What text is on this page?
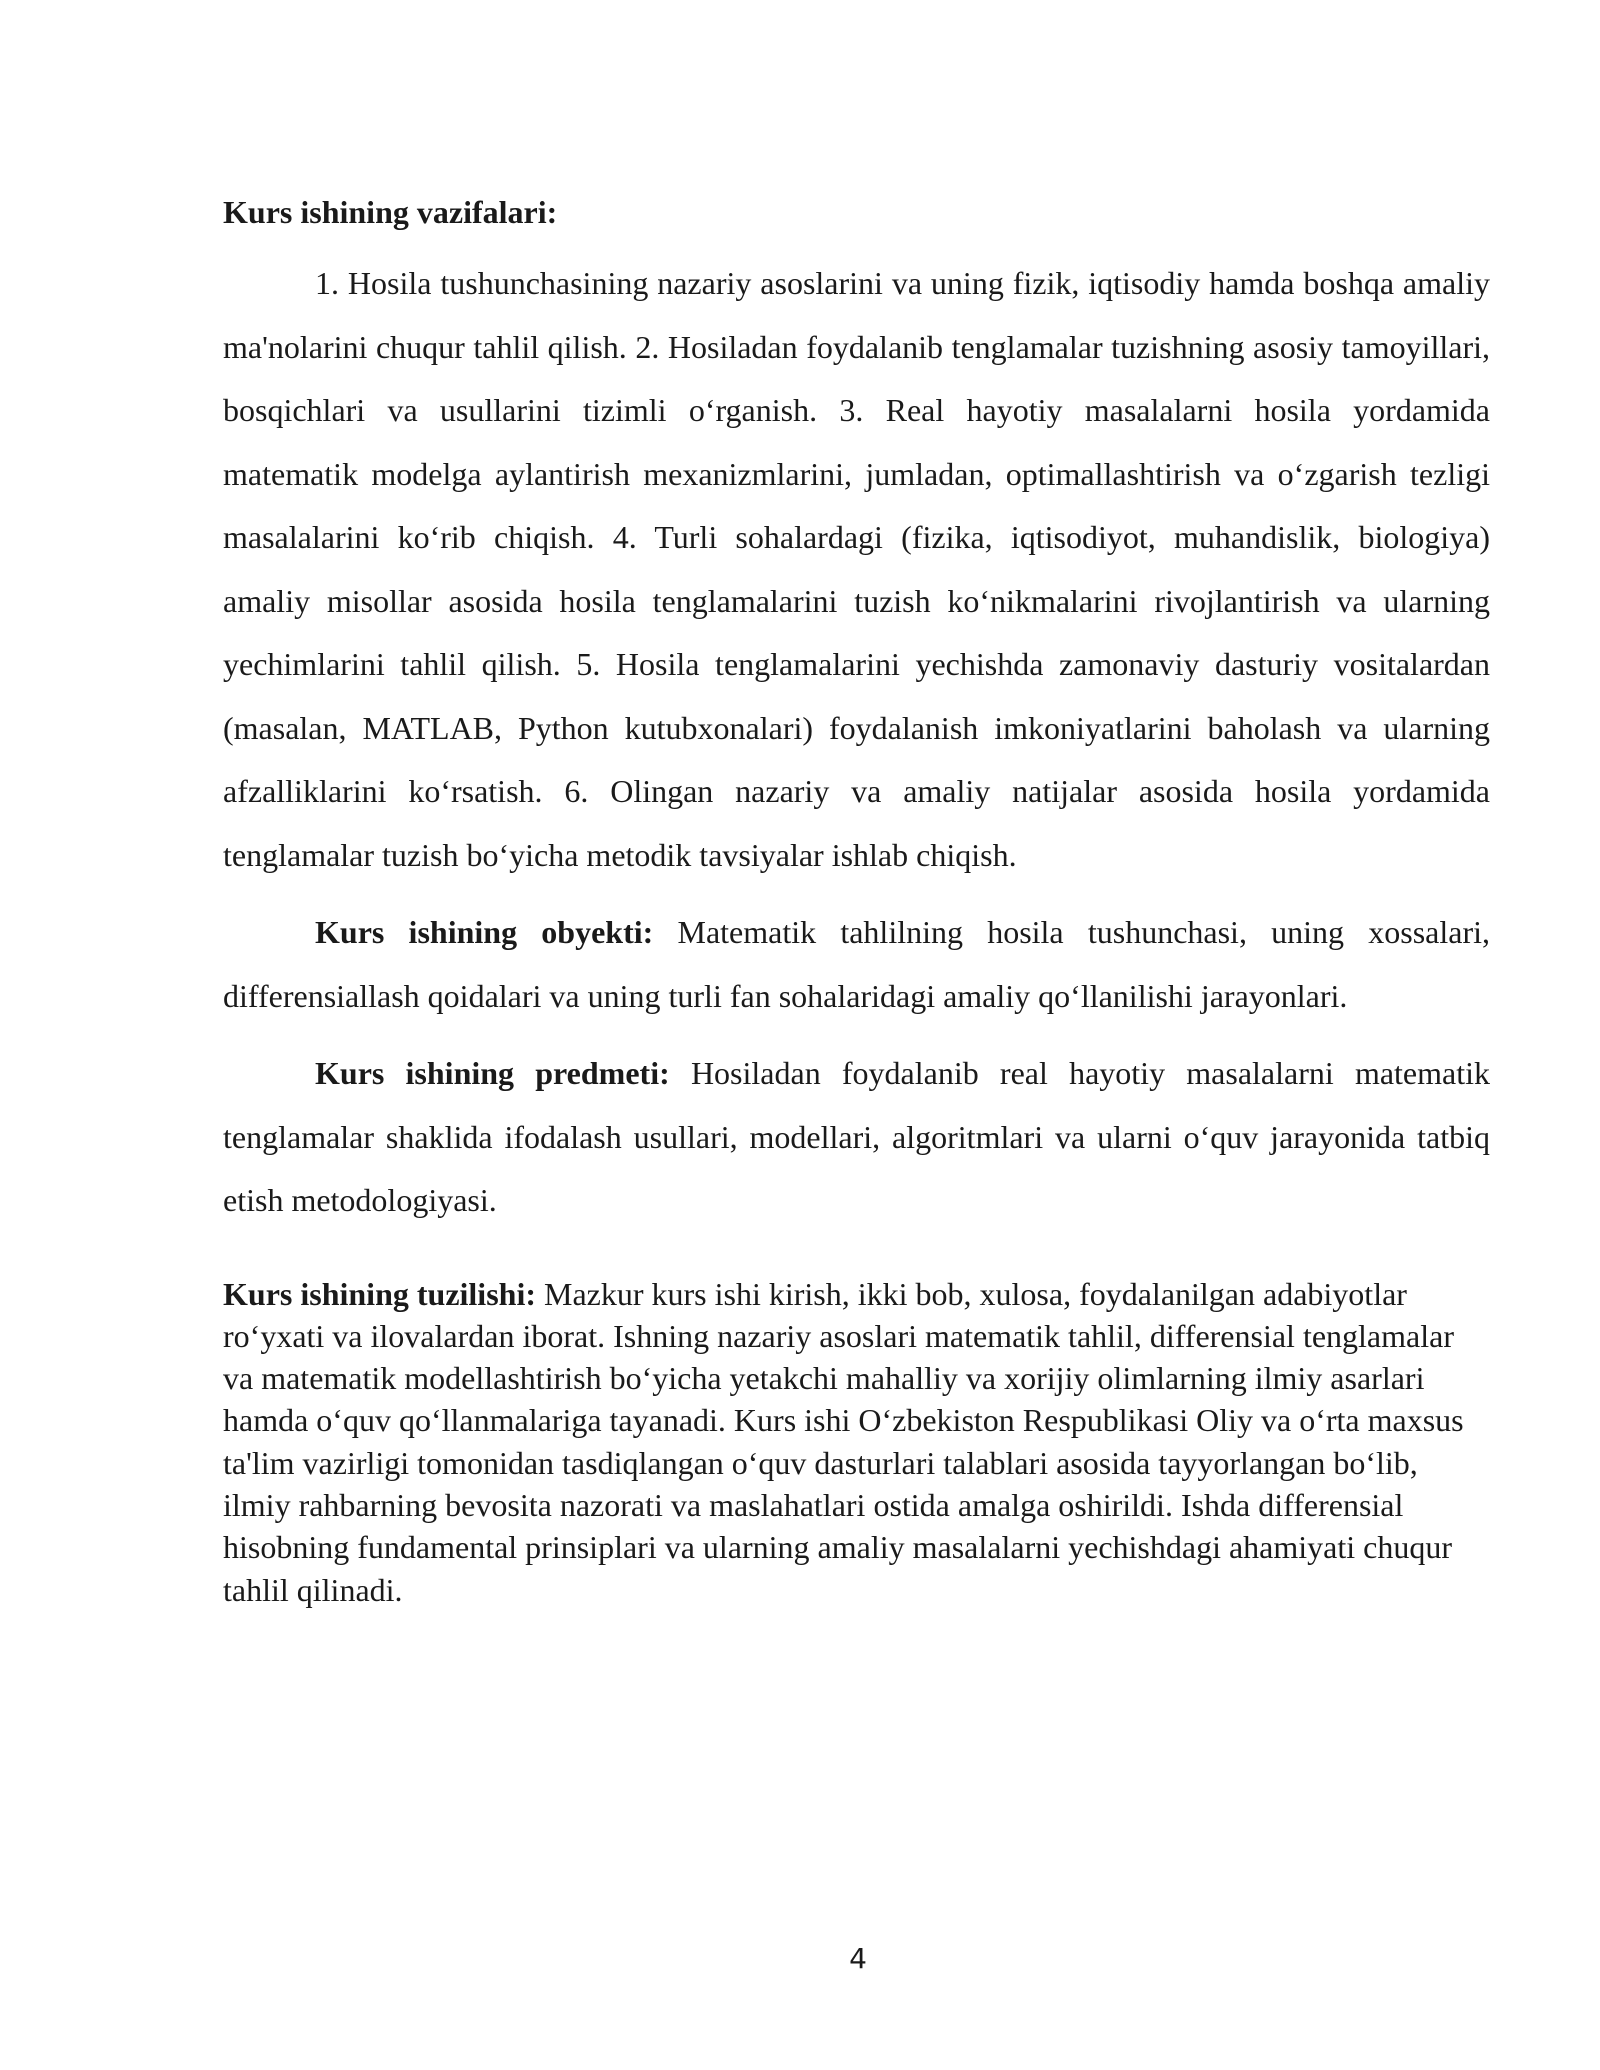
Kurs ishining vazifalari:

1. Hosila tushunchasining nazariy asoslarini va uning fizik, iqtisodiy hamda boshqa amaliy ma'nolarini chuqur tahlil qilish. 2. Hosiladan foydalanib tenglamalar tuzishning asosiy tamoyillari, bosqichlari va usullarini tizimli o‘rganish. 3. Real hayotiy masalalarni hosila yordamida matematik modelga aylantirish mexanizmlarini, jumladan, optimallashtirish va o‘zgarish tezligi masalalarini ko‘rib chiqish. 4. Turli sohalardagi (fizika, iqtisodiyot, muhandislik, biologiya) amaliy misollar asosida hosila tenglamalarini tuzish ko‘nikmalarini rivojlantirish va ularning yechimlarini tahlil qilish. 5. Hosila tenglamalarini yechishda zamonaviy dasturiy vositalardan (masalan, MATLAB, Python kutubxonalari) foydalanish imkoniyatlarini baholash va ularning afzalliklarini ko‘rsatish. 6. Olingan nazariy va amaliy natijalar asosida hosila yordamida tenglamalar tuzish bo‘yicha metodik tavsiyalar ishlab chiqish.

Kurs ishining obyekti: Matematik tahlilning hosila tushunchasi, uning xossalari, differensiallash qoidalari va uning turli fan sohalaridagi amaliy qo‘llanilishi jarayonlari.

Kurs ishining predmeti: Hosiladan foydalanib real hayotiy masalalarni matematik tenglamalar shaklida ifodalash usullari, modellari, algoritmlari va ularni o‘quv jarayonida tatbiq etish metodologiyasi.

Kurs ishining tuzilishi: Mazkur kurs ishi kirish, ikki bob, xulosa, foydalanilgan adabiyotlar ro‘yxati va ilovalardan iborat. Ishning nazariy asoslari matematik tahlil, differensial tenglamalar va matematik modellashtirish bo‘yicha yetakchi mahalliy va xorijiy olimlarning ilmiy asarlari hamda o‘quv qo‘llanmalariga tayanadi. Kurs ishi O‘zbekiston Respublikasi Oliy va o‘rta maxsus ta'lim vazirligi tomonidan tasdiqlangan o‘quv dasturlari talablari asosida tayyorlangan bo‘lib, ilmiy rahbarning bevosita nazorati va maslahatlari ostida amalga oshirildi. Ishda differensial hisobning fundamental prinsiplari va ularning amaliy masalalarni yechishdagi ahamiyati chuqur tahlil qilinadi.

4
